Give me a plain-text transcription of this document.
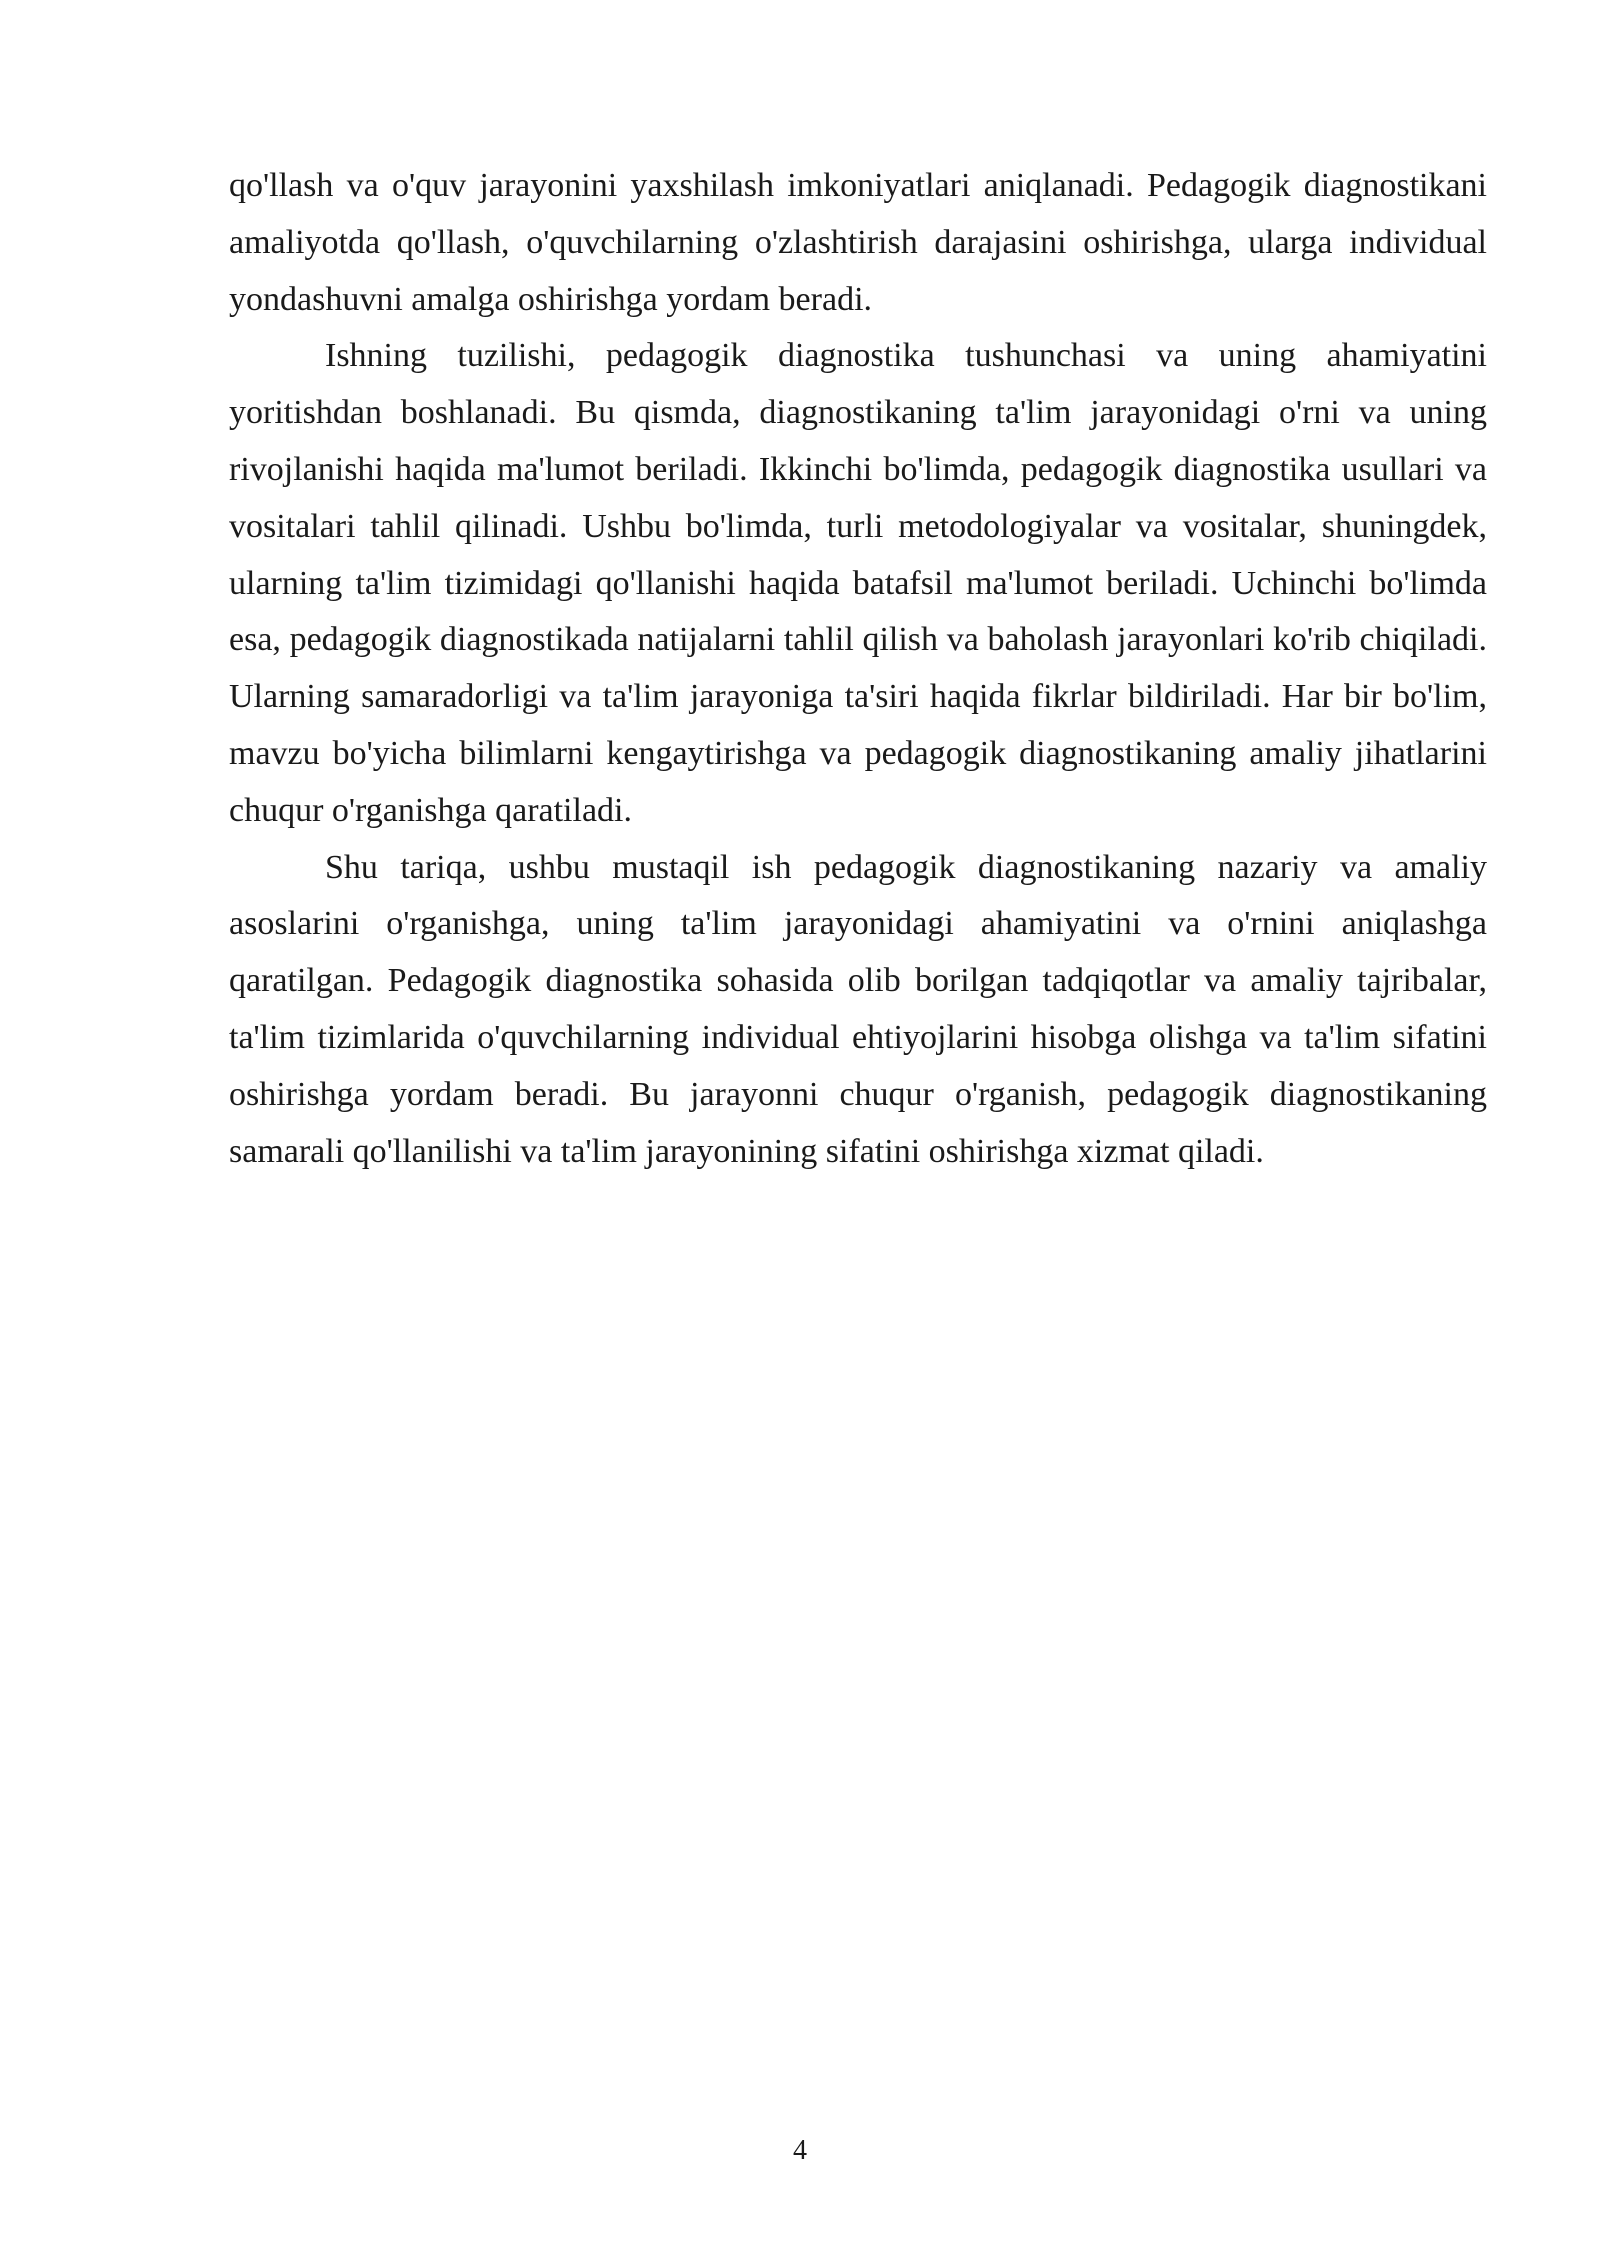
qo'llash va o'quv jarayonini yaxshilash imkoniyatlari aniqlanadi. Pedagogik diagnostikani amaliyotda qo'llash, o'quvchilarning o'zlashtirish darajasini oshirishga, ularga individual yondashuvni amalga oshirishga yordam beradi.

Ishning tuzilishi, pedagogik diagnostika tushunchasi va uning ahamiyatini yoritishdan boshlanadi. Bu qismda, diagnostikaning ta'lim jarayonidagi o'rni va uning rivojlanishi haqida ma'lumot beriladi. Ikkinchi bo'limda, pedagogik diagnostika usullari va vositalari tahlil qilinadi. Ushbu bo'limda, turli metodologiyalar va vositalar, shuningdek, ularning ta'lim tizimidagi qo'llanishi haqida batafsil ma'lumot beriladi. Uchinchi bo'limda esa, pedagogik diagnostikada natijalarni tahlil qilish va baholash jarayonlari ko'rib chiqiladi. Ularning samaradorligi va ta'lim jarayoniga ta'siri haqida fikrlar bildiriladi. Har bir bo'lim, mavzu bo'yicha bilimlarni kengaytirishga va pedagogik diagnostikaning amaliy jihatlarini chuqur o'rganishga qaratiladi.

Shu tariqa, ushbu mustaqil ish pedagogik diagnostikaning nazariy va amaliy asoslarini o'rganishga, uning ta'lim jarayonidagi ahamiyatini va o'rnini aniqlashga qaratilgan. Pedagogik diagnostika sohasida olib borilgan tadqiqotlar va amaliy tajribalar, ta'lim tizimlarida o'quvchilarning individual ehtiyojlarini hisobga olishga va ta'lim sifatini oshirishga yordam beradi. Bu jarayonni chuqur o'rganish, pedagogik diagnostikaning samarali qo'llanilishi va ta'lim jarayonining sifatini oshirishga xizmat qiladi.

4
